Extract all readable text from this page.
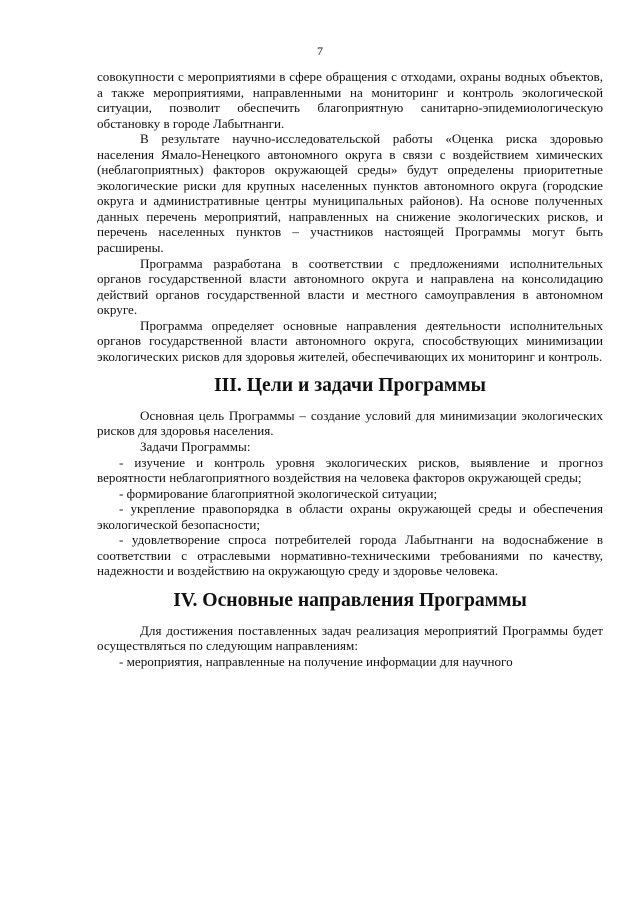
7

совокупности с мероприятиями в сфере обращения с отходами, охраны водных объектов, а также мероприятиями, направленными на мониторинг и контроль экологической ситуации, позволит обеспечить благоприятную санитарно-эпидемиологическую обстановку в городе Лабытнанги.

В результате научно-исследовательской работы «Оценка риска здоровью населения Ямало-Ненецкого автономного округа в связи с воздействием химических (неблагоприятных) факторов окружающей среды» будут определены приоритетные экологические риски для крупных населенных пунктов автономного округа (городские округа и административные центры муниципальных районов). На основе полученных данных перечень мероприятий, направленных на снижение экологических рисков, и перечень населенных пунктов – участников настоящей Программы могут быть расширены.

Программа разработана в соответствии с предложениями исполнительных органов государственной власти автономного округа и направлена на консолидацию действий органов государственной власти и местного самоуправления в автономном округе.

Программа определяет основные направления деятельности исполнительных органов государственной власти автономного округа, способствующих минимизации экологических рисков для здоровья жителей, обеспечивающих их мониторинг и контроль.

III. Цели и задачи Программы

Основная цель Программы – создание условий для минимизации экологических рисков для здоровья населения.

Задачи Программы:

- изучение и контроль уровня экологических рисков, выявление и прогноз вероятности неблагоприятного воздействия на человека факторов окружающей среды;

- формирование благоприятной экологической ситуации;

- укрепление правопорядка в области охраны окружающей среды и обеспечения экологической безопасности;

- удовлетворение спроса потребителей города Лабытнанги на водоснабжение в соответствии с отраслевыми нормативно-техническими требованиями по качеству, надежности и воздействию на окружающую среду и здоровье человека.

IV. Основные направления Программы

Для достижения поставленных задач реализация мероприятий Программы будет осуществляться по следующим направлениям:

- мероприятия, направленные на получение информации для научного
